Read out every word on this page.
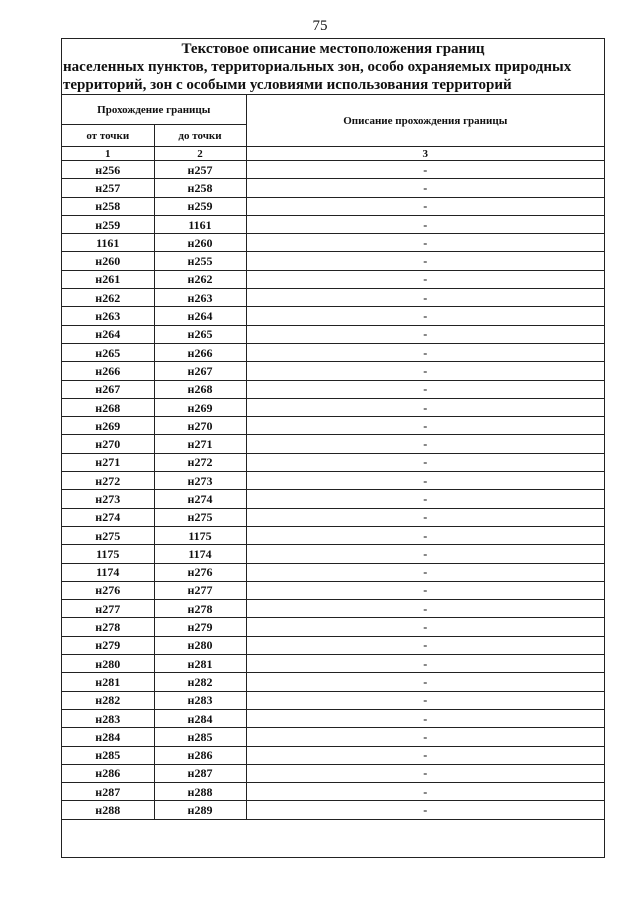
75
Текстовое описание местоположения границ
населенных пунктов, территориальных зон, особо охраняемых природных
территорий, зон с особыми условиями использования территорий
Прохождение границы		Описание прохождения границы
от точки	до точки	
1	2	3
н256	н257	-
н257	н258	-
н258	н259	-
н259	1161	-
1161	н260	-
н260	н255	-
н261	н262	-
н262	н263	-
н263	н264	-
н264	н265	-
н265	н266	-
н266	н267	-
н267	н268	-
н268	н269	-
н269	н270	-
н270	н271	-
н271	н272	-
н272	н273	-
н273	н274	-
н274	н275	-
н275	1175	-
1175	1174	-
1174	н276	-
н276	н277	-
н277	н278	-
н278	н279	-
н279	н280	-
н280	н281	-
н281	н282	-
н282	н283	-
н283	н284	-
н284	н285	-
н285	н286	-
н286	н287	-
н287	н288	-
н288	н289	-
